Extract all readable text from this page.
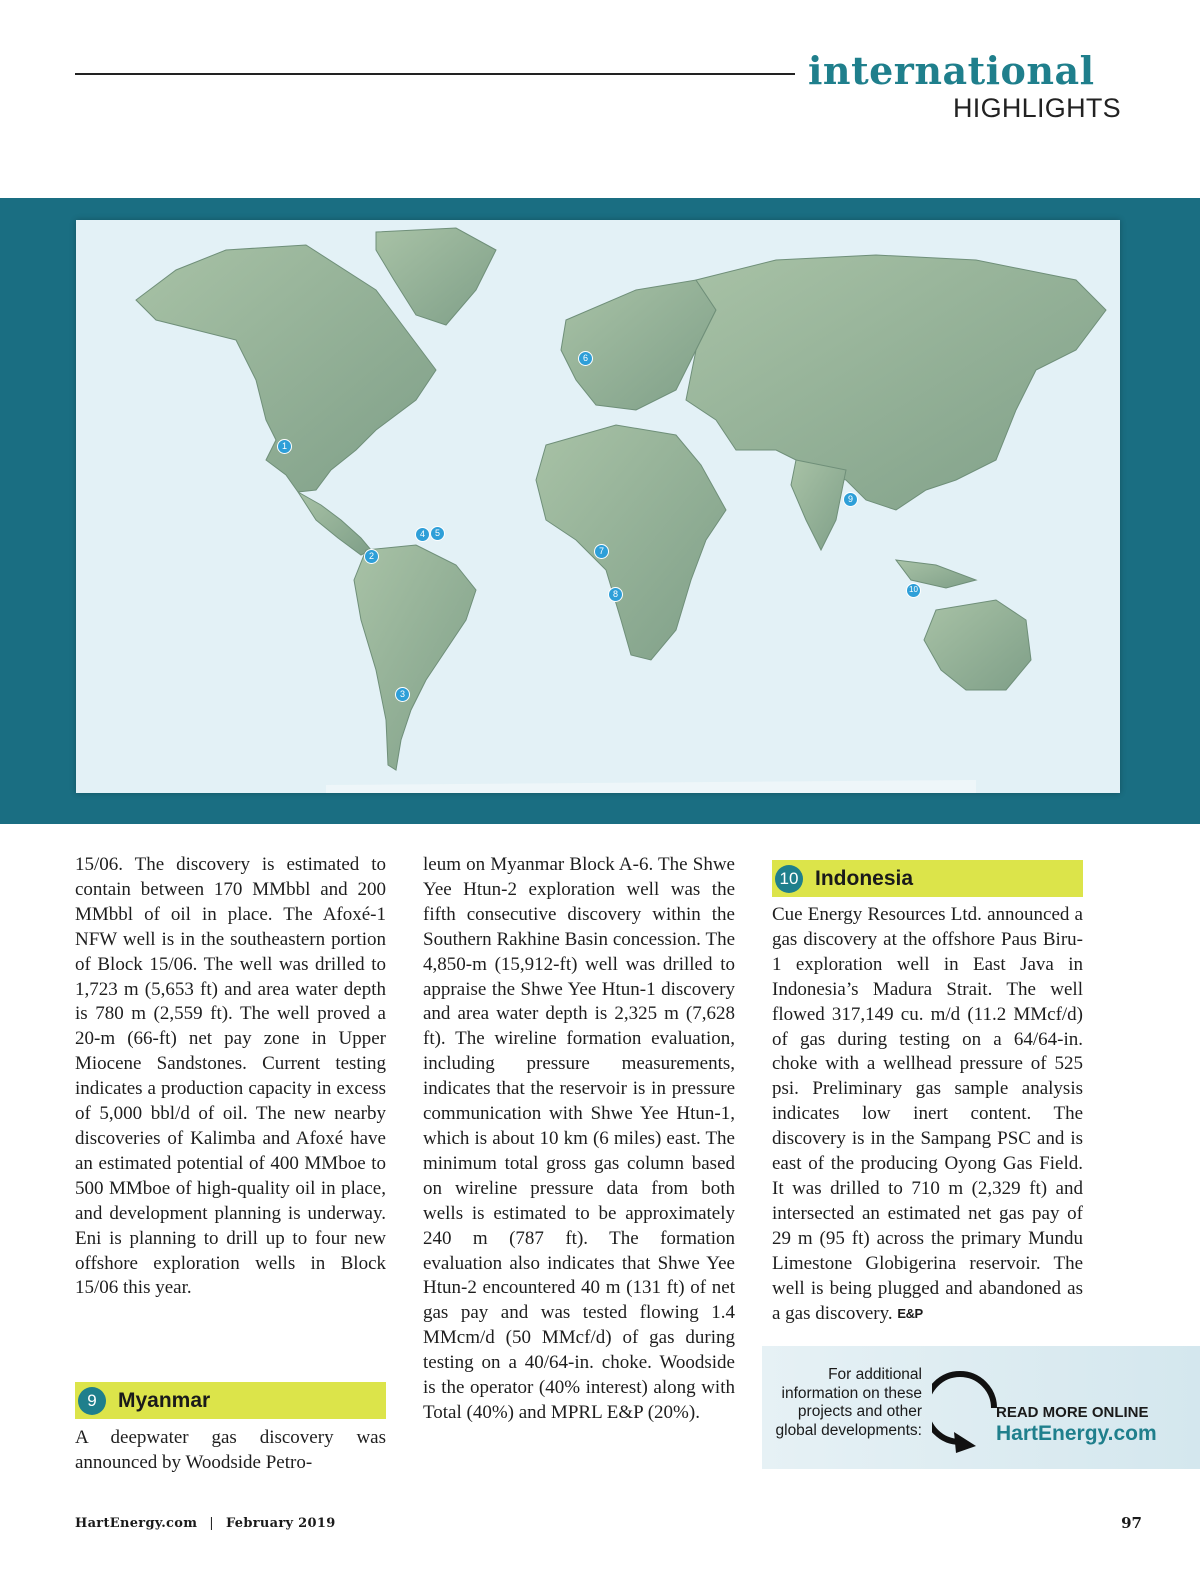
international
HIGHLIGHTS
1
2
3
4	5
6
7
8
9
10

15/06. The discovery is estimated to contain between 170 MMbbl and 200 MMbbl of oil in place. The Afoxé-1 NFW well is in the southeastern portion of Block 15/06. The well was drilled to 1,723 m (5,653 ft) and area water depth is 780 m (2,559 ft). The well proved a 20-m (66-ft) net pay zone in Upper Miocene Sandstones. Current testing indicates a production capacity in excess of 5,000 bbl/d of oil. The new nearby discoveries of Kalimba and Afoxé have an estimated potential of 400 MMboe to 500 MMboe of high-quality oil in place, and development planning is underway. Eni is planning to drill up to four new offshore exploration wells in Block 15/06 this year.

9	Myanmar
A deepwater gas discovery was announced by Woodside Petro-

leum on Myanmar Block A-6. The Shwe Yee Htun-2 exploration well was the fifth consecutive discovery within the Southern Rakhine Basin concession. The 4,850-m (15,912-ft) well was drilled to appraise the Shwe Yee Htun-1 discovery and area water depth is 2,325 m (7,628 ft). The wireline formation evaluation, including pressure measurements, indicates that the reservoir is in pressure communication with Shwe Yee Htun-1, which is about 10 km (6 miles) east. The minimum total gross gas column based on wireline pressure data from both wells is estimated to be approximately 240 m (787 ft). The formation evaluation also indicates that Shwe Yee Htun-2 encountered 40 m (131 ft) of net gas pay and was tested flowing 1.4 MMcm/d (50 MMcf/d) of gas during testing on a 40/64-in. choke. Woodside is the operator (40% interest) along with Total (40%) and MPRL E&P (20%).

10 Indonesia

Cue Energy Resources Ltd. announced a gas discovery at the offshore Paus Biru-1 exploration well in East Java in Indonesia’s Madura Strait. The well flowed 317,149 cu. m/d (11.2 MMcf/d) of gas during testing on a 64/64-in. choke with a wellhead pressure of 525 psi. Preliminary gas sample analysis indicates low inert content. The discovery is in the Sampang PSC and is east of the producing Oyong Gas Field. It was drilled to 710 m (2,329 ft) and intersected an estimated net gas pay of 29 m (95 ft) across the primary Mundu Limestone Globigerina reservoir. The well is being plugged and abandoned as a gas discovery. E&P

For additional information on these projects and other global developments:
READ MORE ONLINE
HartEnergy.com
HartEnergy.com | February 2019	97
